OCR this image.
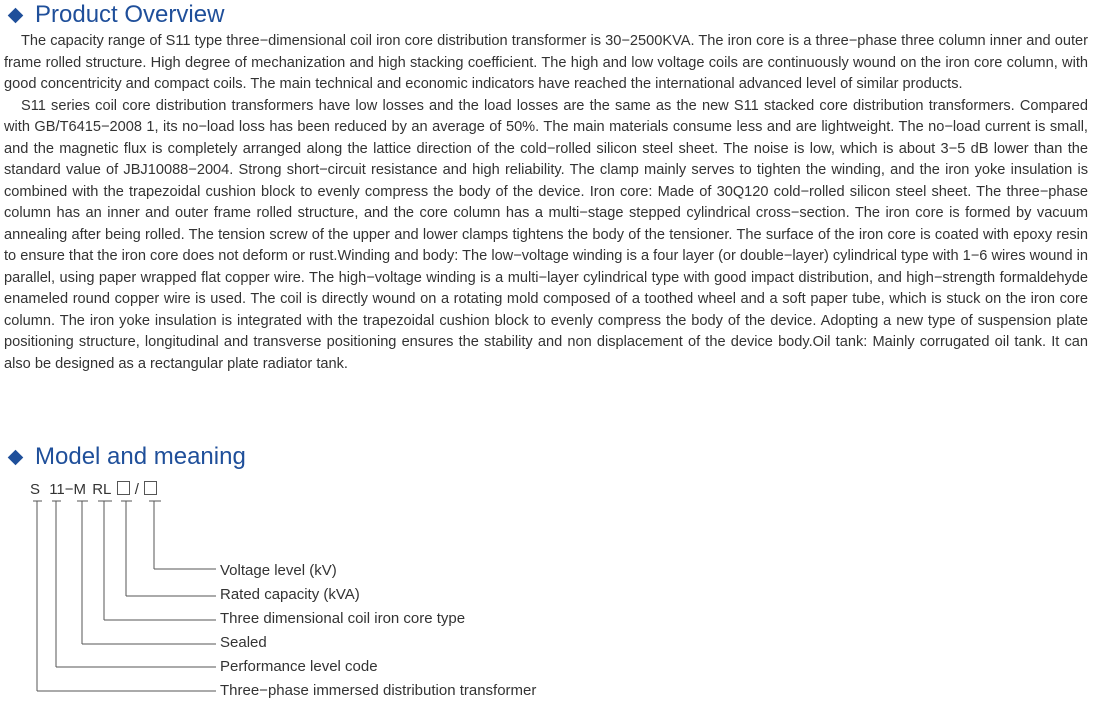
Product Overview

The capacity range of S11 type three−dimensional coil iron core distribution transformer is 30−2500KVA. The iron core is a three−phase three column inner and outer frame rolled structure. High degree of mechanization and high stacking coefficient. The high and low voltage coils are continuously wound on the iron core column, with good concentricity and compact coils. The main technical and economic indicators have reached the international advanced level of similar products.

S11 series coil core distribution transformers have low losses and the load losses are the same as the new S11 stacked core distribution transformers. Compared with GB/T6415−2008 1, its no−load loss has been reduced by an average of 50%. The main materials consume less and are lightweight. The no−load current is small, and the magnetic flux is completely arranged along the lattice direction of the cold−rolled silicon steel sheet. The noise is low, which is about 3−5 dB lower than the standard value of JBJ10088−2004. Strong short−circuit resistance and high reliability. The clamp mainly serves to tighten the winding, and the iron yoke insulation is combined with the trapezoidal cushion block to evenly compress the body of the device. Iron core: Made of 30Q120 cold−rolled silicon steel sheet. The three−phase column has an inner and outer frame rolled structure, and the core column has a multi−stage stepped cylindrical cross−section. The iron core is formed by vacuum annealing after being rolled. The tension screw of the upper and lower clamps tightens the body of the tensioner. The surface of the iron core is coated with epoxy resin to ensure that the iron core does not deform or rust.Winding and body: The low−voltage winding is a four layer (or double−layer) cylindrical type with 1−6 wires wound in parallel, using paper wrapped flat copper wire. The high−voltage winding is a multi−layer cylindrical type with good impact distribution, and high−strength formaldehyde enameled round copper wire is used. The coil is directly wound on a rotating mold composed of a toothed wheel and a soft paper tube, which is stuck on the iron core column. The iron yoke insulation is integrated with the trapezoidal cushion block to evenly compress the body of the device. Adopting a new type of suspension plate positioning structure, longitudinal and transverse positioning ensures the stability and non displacement of the device body.Oil tank: Mainly corrugated oil tank. It can also be designed as a rectangular plate radiator tank.

Model and meaning
S 11−M RL /
Voltage level (kV)
Rated capacity (kVA)
Three dimensional coil iron core type
Sealed
Performance level code
Three−phase immersed distribution transformer
